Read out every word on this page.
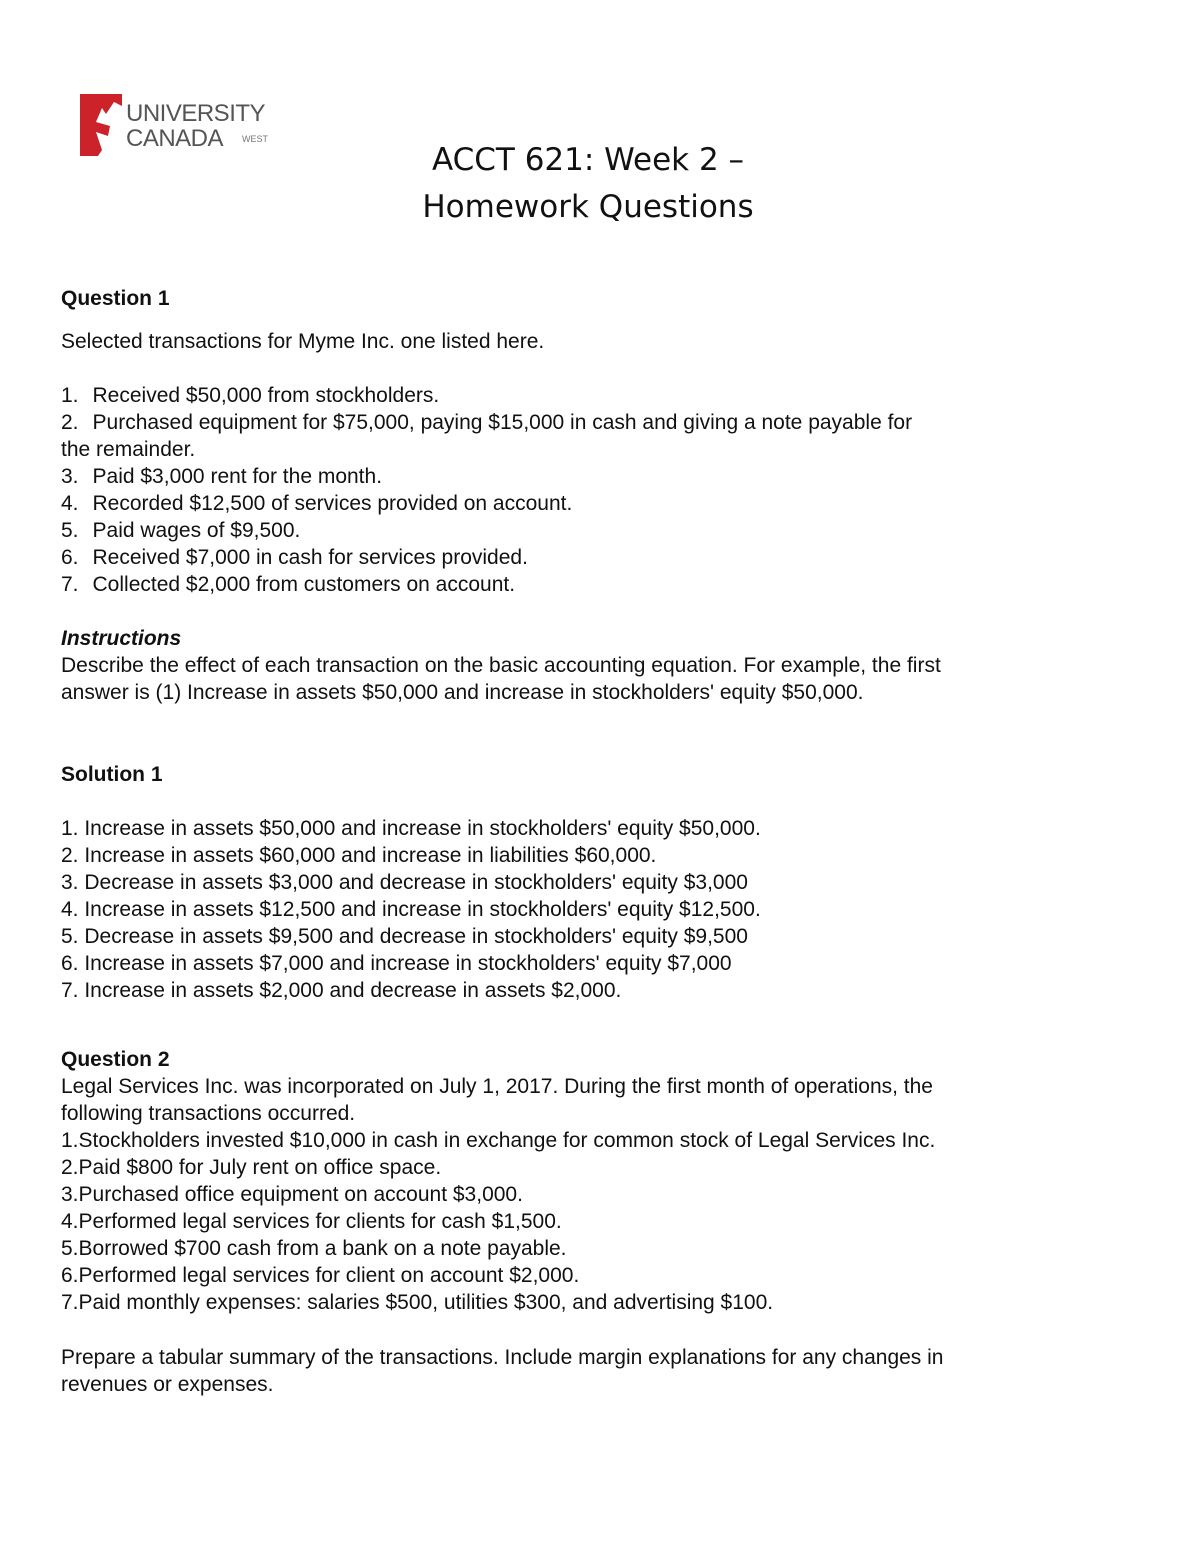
UNIVERSITY
CANADA WEST
ACCT 621: Week 2 –
Homework Questions
Question 1
Selected transactions for Myme Inc. one listed here.
1. Received $50,000 from stockholders.
2. Purchased equipment for $75,000, paying $15,000 in cash and giving a note payable for
the remainder.
3. Paid $3,000 rent for the month.
4. Recorded $12,500 of services provided on account.
5. Paid wages of $9,500.
6. Received $7,000 in cash for services provided.
7. Collected $2,000 from customers on account.
Instructions
Describe the effect of each transaction on the basic accounting equation. For example, the first
answer is (1) Increase in assets $50,000 and increase in stockholders' equity $50,000.
Solution 1
1. Increase in assets $50,000 and increase in stockholders' equity $50,000.
2. Increase in assets $60,000 and increase in liabilities $60,000.
3. Decrease in assets $3,000 and decrease in stockholders' equity $3,000
4. Increase in assets $12,500 and increase in stockholders' equity $12,500.
5. Decrease in assets $9,500 and decrease in stockholders' equity $9,500
6. Increase in assets $7,000 and increase in stockholders' equity $7,000
7. Increase in assets $2,000 and decrease in assets $2,000.
Question 2
Legal Services Inc. was incorporated on July 1, 2017. During the first month of operations, the
following transactions occurred.
1.Stockholders invested $10,000 in cash in exchange for common stock of Legal Services Inc.
2.Paid $800 for July rent on office space.
3.Purchased office equipment on account $3,000.
4.Performed legal services for clients for cash $1,500.
5.Borrowed $700 cash from a bank on a note payable.
6.Performed legal services for client on account $2,000.
7.Paid monthly expenses: salaries $500, utilities $300, and advertising $100.
Prepare a tabular summary of the transactions. Include margin explanations for any changes in
revenues or expenses.
